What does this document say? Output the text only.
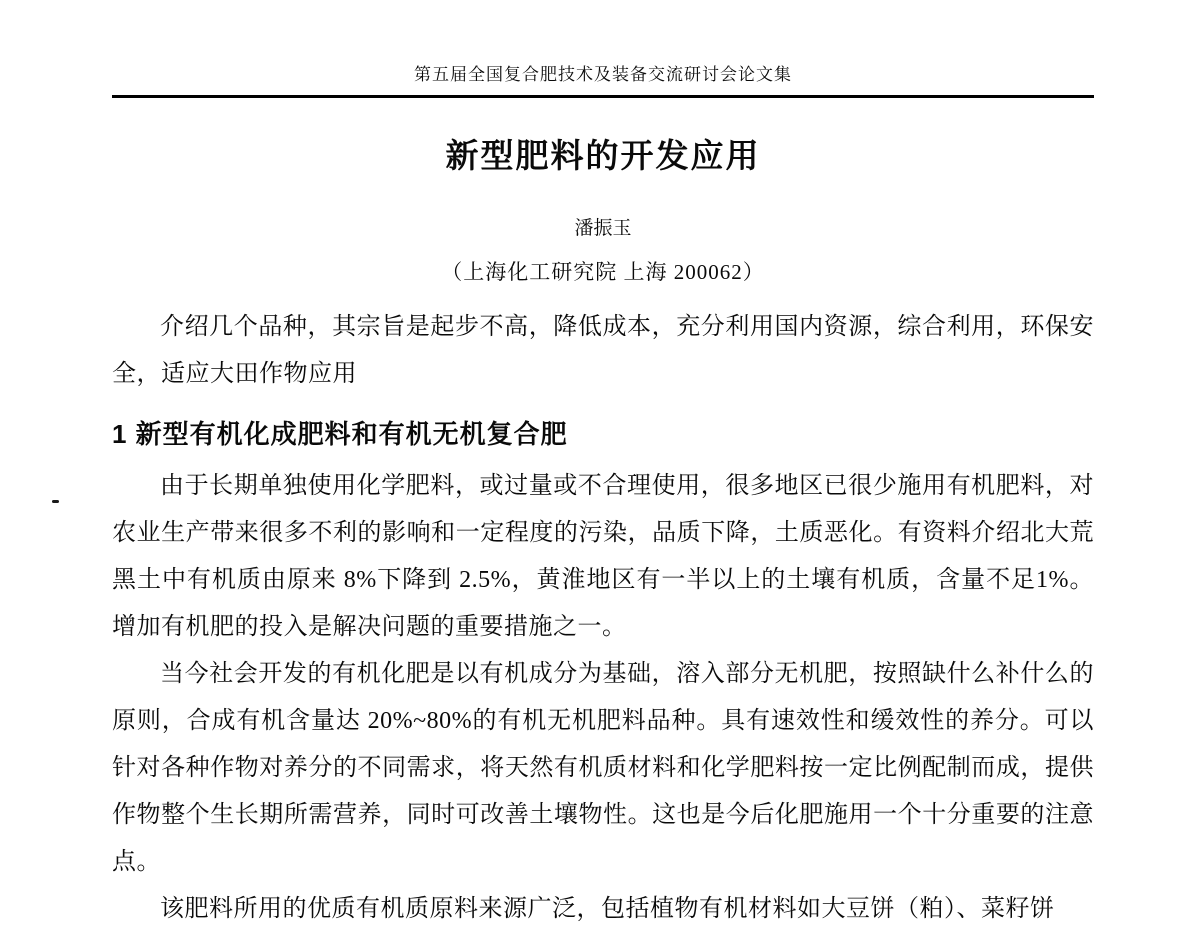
第五届全国复合肥技术及装备交流研讨会论文集
新型肥料的开发应用
潘振玉
（上海化工研究院 上海 200062）

介绍几个品种，其宗旨是起步不高，降低成本，充分利用国内资源，综合利用，环保安全，适应大田作物应用

1 新型有机化成肥料和有机无机复合肥

由于长期单独使用化学肥料，或过量或不合理使用，很多地区已很少施用有机肥料，对农业生产带来很多不利的影响和一定程度的污染，品质下降，土质恶化。有资料介绍北大荒黑土中有机质由原来 8%下降到 2.5%，黄淮地区有一半以上的土壤有机质，含量不足1%。增加有机肥的投入是解决问题的重要措施之一。

当今社会开发的有机化肥是以有机成分为基础，溶入部分无机肥，按照缺什么补什么的原则，合成有机含量达 20%~80%的有机无机肥料品种。具有速效性和缓效性的养分。可以针对各种作物对养分的不同需求，将天然有机质材料和化学肥料按一定比例配制而成，提供作物整个生长期所需营养，同时可改善土壤物性。这也是今后化肥施用一个十分重要的注意点。

该肥料所用的优质有机质原料来源广泛，包括植物有机材料如大豆饼（粕）、菜籽饼
